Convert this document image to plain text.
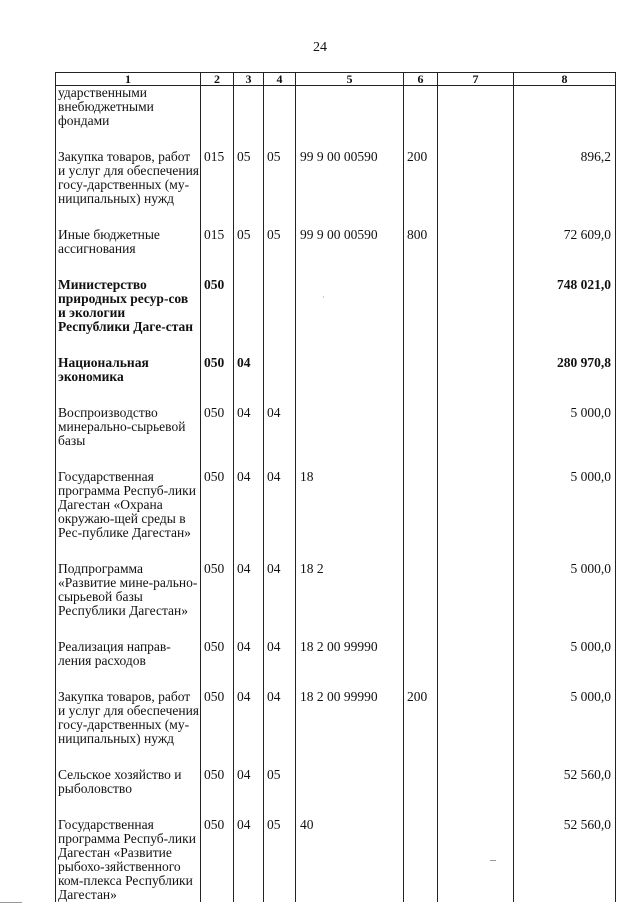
24
1	2	3	4	5	6	7	8
ударственными внебюджетными фондами							

Закупка товаров, работ и услуг для обеспечения госу-дарственных (му-ниципальных) нужд	015	05	05	99 9 00 00590	200		896,2

Иные бюджетные ассигнования	015	05	05	99 9 00 00590	800		72 609,0

Министерство природных ресур-сов и экологии Республики Даге-стан	050						748 021,0

Национальная экономика	050	04					280 970,8

Воспроизводство минерально-сырьевой базы	050	04	04				5 000,0

Государственная программа Респуб-лики Дагестан «Охрана окружаю-щей среды в Рес-публике Дагестан»	050	04	04	18			5 000,0

Подпрограмма «Развитие мине-рально-сырьевой базы Республики Дагестан»	050	04	04	18 2			5 000,0

Реализация направ-ления расходов	050	04	04	18 2 00 99990			5 000,0

Закупка товаров, работ и услуг для обеспечения госу-дарственных (му-ниципальных) нужд	050	04	04	18 2 00 99990	200		5 000,0

Сельское хозяйство и рыболовство	050	04	05				52 560,0

Государственная программа Респуб-лики Дагестан «Развитие рыбохо-зяйственного ком-плекса Республики Дагестан»	050	04	05	40			52 560,0
·
